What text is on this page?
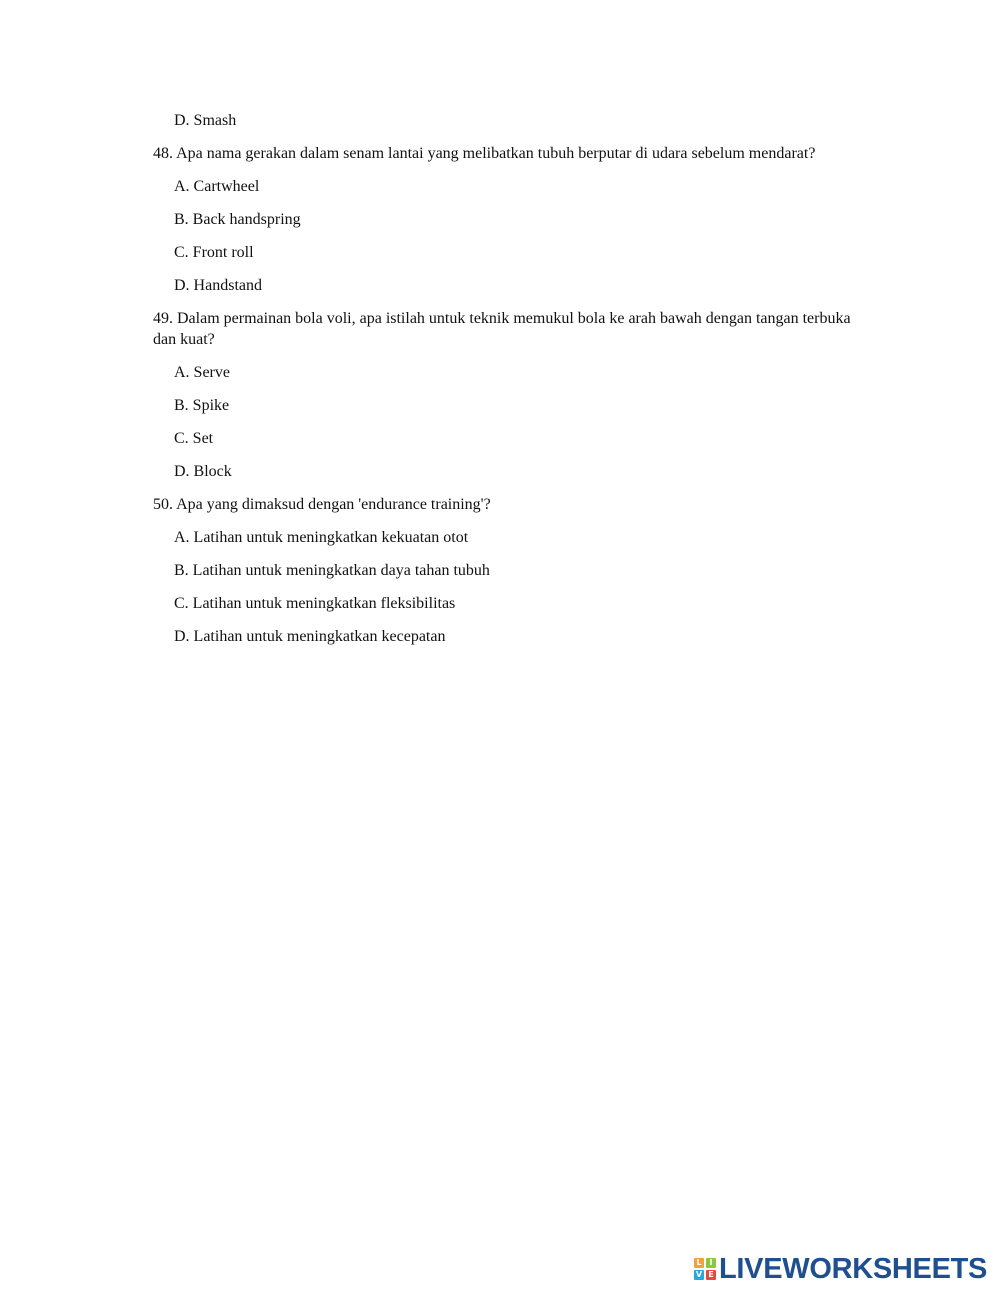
D. Smash

48. Apa nama gerakan dalam senam lantai yang melibatkan tubuh berputar di udara sebelum mendarat?

A. Cartwheel

B. Back handspring

C. Front roll

D. Handstand

49. Dalam permainan bola voli, apa istilah untuk teknik memukul bola ke arah bawah dengan tangan terbuka dan kuat?

A. Serve

B. Spike

C. Set

D. Block

50. Apa yang dimaksud dengan 'endurance training'?

A. Latihan untuk meningkatkan kekuatan otot

B. Latihan untuk meningkatkan daya tahan tubuh

C. Latihan untuk meningkatkan fleksibilitas

D. Latihan untuk meningkatkan kecepatan

L I
V E LIVEWORKSHEETS
